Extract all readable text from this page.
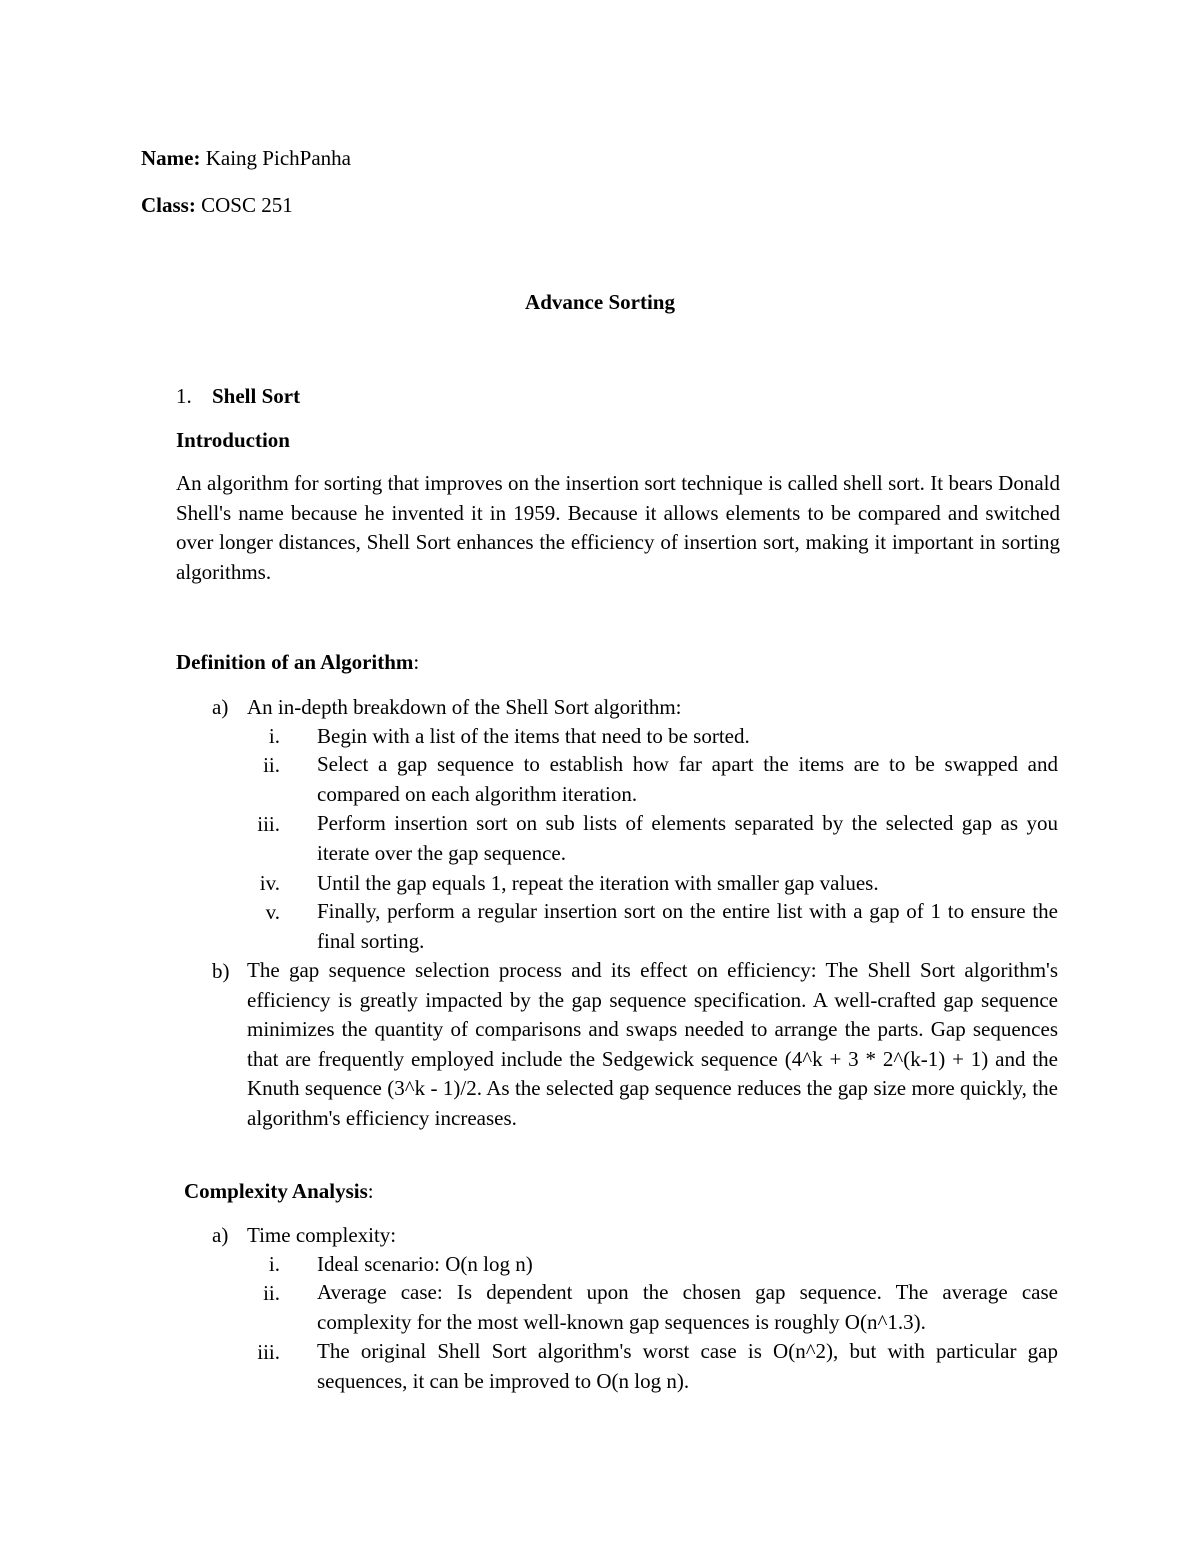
Name: Kaing PichPanha
Class: COSC 251
Advance Sorting
1. Shell Sort
Introduction
An algorithm for sorting that improves on the insertion sort technique is called shell sort. It bears Donald Shell's name because he invented it in 1959. Because it allows elements to be compared and switched over longer distances, Shell Sort enhances the efficiency of insertion sort, making it important in sorting algorithms.
Definition of an Algorithm:
a) An in-depth breakdown of the Shell Sort algorithm:
i. Begin with a list of the items that need to be sorted.
ii. Select a gap sequence to establish how far apart the items are to be swapped and compared on each algorithm iteration.
iii. Perform insertion sort on sub lists of elements separated by the selected gap as you iterate over the gap sequence.
iv. Until the gap equals 1, repeat the iteration with smaller gap values.
v. Finally, perform a regular insertion sort on the entire list with a gap of 1 to ensure the final sorting.
b) The gap sequence selection process and its effect on efficiency: The Shell Sort algorithm's efficiency is greatly impacted by the gap sequence specification. A well-crafted gap sequence minimizes the quantity of comparisons and swaps needed to arrange the parts. Gap sequences that are frequently employed include the Sedgewick sequence (4^k + 3 * 2^(k-1) + 1) and the Knuth sequence (3^k - 1)/2. As the selected gap sequence reduces the gap size more quickly, the algorithm's efficiency increases.
Complexity Analysis:
a) Time complexity:
i. Ideal scenario: O(n log n)
ii. Average case: Is dependent upon the chosen gap sequence. The average case complexity for the most well-known gap sequences is roughly O(n^1.3).
iii. The original Shell Sort algorithm's worst case is O(n^2), but with particular gap sequences, it can be improved to O(n log n).
